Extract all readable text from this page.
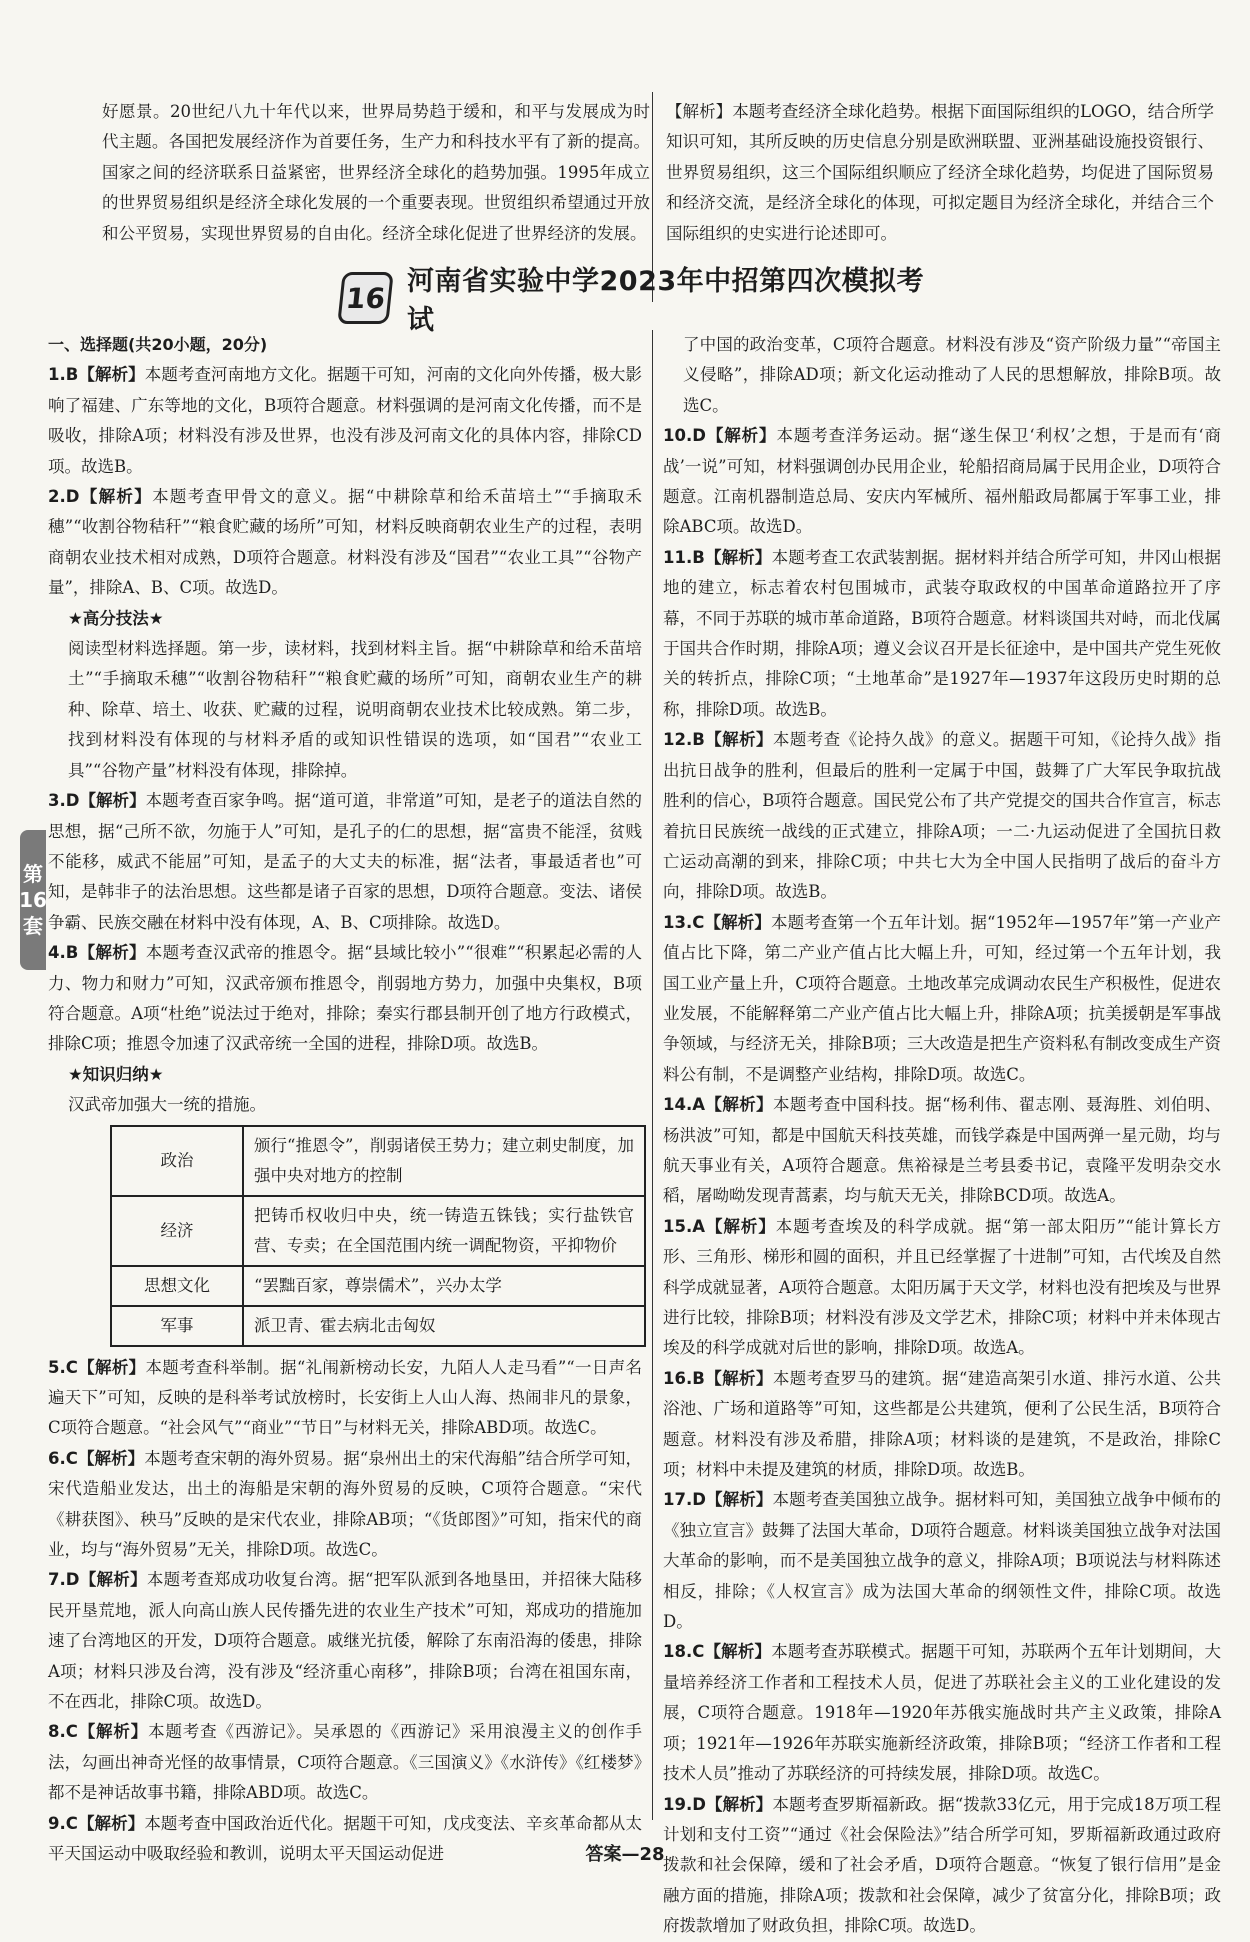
好愿景。20世纪八九十年代以来，世界局势趋于缓和，和平与发展成为时代主题。各国把发展经济作为首要任务，生产力和科技水平有了新的提高。国家之间的经济联系日益紧密，世界经济全球化的趋势加强。1995年成立的世界贸易组织是经济全球化发展的一个重要表现。世贸组织希望通过开放和公平贸易，实现世界贸易的自由化。经济全球化促进了世界经济的发展。
【解析】本题考查经济全球化趋势。根据下面国际组织的LOGO，结合所学知识可知，其所反映的历史信息分别是欧洲联盟、亚洲基础设施投资银行、世界贸易组织，这三个国际组织顺应了经济全球化趋势，均促进了国际贸易和经济交流，是经济全球化的体现，可拟定题目为经济全球化，并结合三个国际组织的史实进行论述即可。
16 河南省实验中学2023年中招第四次模拟考试
第
16
套
一、选择题(共20小题，20分)
1.B【解析】本题考查河南地方文化。据题干可知，河南的文化向外传播，极大影响了福建、广东等地的文化，B项符合题意。材料强调的是河南文化传播，而不是吸收，排除A项；材料没有涉及世界，也没有涉及河南文化的具体内容，排除CD项。故选B。
2.D【解析】本题考查甲骨文的意义。据“中耕除草和给禾苗培土”“手摘取禾穗”“收割谷物秸秆”“粮食贮藏的场所”可知，材料反映商朝农业生产的过程，表明商朝农业技术相对成熟，D项符合题意。材料没有涉及“国君”“农业工具”“谷物产量”，排除A、B、C项。故选D。
★高分技法★
阅读型材料选择题。第一步，读材料，找到材料主旨。据“中耕除草和给禾苗培土”“手摘取禾穗”“收割谷物秸秆”“粮食贮藏的场所”可知，商朝农业生产的耕种、除草、培土、收获、贮藏的过程，说明商朝农业技术比较成熟。第二步，找到材料没有体现的与材料矛盾的或知识性错误的选项，如“国君”“农业工具”“谷物产量”材料没有体现，排除掉。
3.D【解析】本题考查百家争鸣。据“道可道，非常道”可知，是老子的道法自然的思想，据“己所不欲，勿施于人”可知，是孔子的仁的思想，据“富贵不能淫，贫贱不能移，威武不能屈”可知，是孟子的大丈夫的标准，据“法者，事最适者也”可知，是韩非子的法治思想。这些都是诸子百家的思想，D项符合题意。变法、诸侯争霸、民族交融在材料中没有体现，A、B、C项排除。故选D。
4.B【解析】本题考查汉武帝的推恩令。据“县域比较小”“很难”“积累起必需的人力、物力和财力”可知，汉武帝颁布推恩令，削弱地方势力，加强中央集权，B项符合题意。A项“杜绝”说法过于绝对，排除；秦实行郡县制开创了地方行政模式，排除C项；推恩令加速了汉武帝统一全国的进程，排除D项。故选B。
★知识归纳★
汉武帝加强大一统的措施。
政治	颁行“推恩令”，削弱诸侯王势力；建立刺史制度，加强中央对地方的控制
经济	把铸币权收归中央，统一铸造五铢钱；实行盐铁官营、专卖；在全国范围内统一调配物资，平抑物价
思想文化	“罢黜百家，尊崇儒术”，兴办太学
军事	派卫青、霍去病北击匈奴
5.C【解析】本题考查科举制。据“礼闱新榜动长安，九陌人人走马看”“一日声名遍天下”可知，反映的是科举考试放榜时，长安街上人山人海、热闹非凡的景象，C项符合题意。“社会风气”“商业”“节日”与材料无关，排除ABD项。故选C。
6.C【解析】本题考查宋朝的海外贸易。据“泉州出土的宋代海船”结合所学可知，宋代造船业发达，出土的海船是宋朝的海外贸易的反映，C项符合题意。“宋代《耕获图》、秧马”反映的是宋代农业，排除AB项；“《货郎图》”可知，指宋代的商业，均与“海外贸易”无关，排除D项。故选C。
7.D【解析】本题考查郑成功收复台湾。据“把军队派到各地垦田，并招徕大陆移民开垦荒地，派人向高山族人民传播先进的农业生产技术”可知，郑成功的措施加速了台湾地区的开发，D项符合题意。戚继光抗倭，解除了东南沿海的倭患，排除A项；材料只涉及台湾，没有涉及“经济重心南移”，排除B项；台湾在祖国东南，不在西北，排除C项。故选D。
8.C【解析】本题考查《西游记》。吴承恩的《西游记》采用浪漫主义的创作手法，勾画出神奇光怪的故事情景，C项符合题意。《三国演义》《水浒传》《红楼梦》都不是神话故事书籍，排除ABD项。故选C。
9.C【解析】本题考查中国政治近代化。据题干可知，戊戌变法、辛亥革命都从太平天国运动中吸取经验和教训，说明太平天国运动促进
了中国的政治变革，C项符合题意。材料没有涉及“资产阶级力量”“帝国主义侵略”，排除AD项；新文化运动推动了人民的思想解放，排除B项。故选C。
10.D【解析】本题考查洋务运动。据“遂生保卫‘利权’之想，于是而有‘商战’一说”可知，材料强调创办民用企业，轮船招商局属于民用企业，D项符合题意。江南机器制造总局、安庆内军械所、福州船政局都属于军事工业，排除ABC项。故选D。
11.B【解析】本题考查工农武装割据。据材料并结合所学可知，井冈山根据地的建立，标志着农村包围城市，武装夺取政权的中国革命道路拉开了序幕，不同于苏联的城市革命道路，B项符合题意。材料谈国共对峙，而北伐属于国共合作时期，排除A项；遵义会议召开是长征途中，是中国共产党生死攸关的转折点，排除C项；“土地革命”是1927年—1937年这段历史时期的总称，排除D项。故选B。
12.B【解析】本题考查《论持久战》的意义。据题干可知，《论持久战》指出抗日战争的胜利，但最后的胜利一定属于中国，鼓舞了广大军民争取抗战胜利的信心，B项符合题意。国民党公布了共产党提交的国共合作宣言，标志着抗日民族统一战线的正式建立，排除A项；一二·九运动促进了全国抗日救亡运动高潮的到来，排除C项；中共七大为全中国人民指明了战后的奋斗方向，排除D项。故选B。
13.C【解析】本题考查第一个五年计划。据“1952年—1957年”第一产业产值占比下降，第二产业产值占比大幅上升，可知，经过第一个五年计划，我国工业产量上升，C项符合题意。土地改革完成调动农民生产积极性，促进农业发展，不能解释第二产业产值占比大幅上升，排除A项；抗美援朝是军事战争领域，与经济无关，排除B项；三大改造是把生产资料私有制改变成生产资料公有制，不是调整产业结构，排除D项。故选C。
14.A【解析】本题考查中国科技。据“杨利伟、翟志刚、聂海胜、刘伯明、杨洪波”可知，都是中国航天科技英雄，而钱学森是中国两弹一星元勋，均与航天事业有关，A项符合题意。焦裕禄是兰考县委书记，袁隆平发明杂交水稻，屠呦呦发现青蒿素，均与航天无关，排除BCD项。故选A。
15.A【解析】本题考查埃及的科学成就。据“第一部太阳历”“能计算长方形、三角形、梯形和圆的面积，并且已经掌握了十进制”可知，古代埃及自然科学成就显著，A项符合题意。太阳历属于天文学，材料也没有把埃及与世界进行比较，排除B项；材料没有涉及文学艺术，排除C项；材料中并未体现古埃及的科学成就对后世的影响，排除D项。故选A。
16.B【解析】本题考查罗马的建筑。据“建造高架引水道、排污水道、公共浴池、广场和道路等”可知，这些都是公共建筑，便利了公民生活，B项符合题意。材料没有涉及希腊，排除A项；材料谈的是建筑，不是政治，排除C项；材料中未提及建筑的材质，排除D项。故选B。
17.D【解析】本题考查美国独立战争。据材料可知，美国独立战争中倾布的《独立宣言》鼓舞了法国大革命，D项符合题意。材料谈美国独立战争对法国大革命的影响，而不是美国独立战争的意义，排除A项；B项说法与材料陈述相反，排除；《人权宣言》成为法国大革命的纲领性文件，排除C项。故选D。
18.C【解析】本题考查苏联模式。据题干可知，苏联两个五年计划期间，大量培养经济工作者和工程技术人员，促进了苏联社会主义的工业化建设的发展，C项符合题意。1918年—1920年苏俄实施战时共产主义政策，排除A项；1921年—1926年苏联实施新经济政策，排除B项；“经济工作者和工程技术人员”推动了苏联经济的可持续发展，排除D项。故选C。
19.D【解析】本题考查罗斯福新政。据“拨款33亿元，用于完成18万项工程计划和支付工资”“通过《社会保险法》”结合所学可知，罗斯福新政通过政府拨款和社会保障，缓和了社会矛盾，D项符合题意。“恢复了银行信用”是金融方面的措施，排除A项；拨款和社会保障，减少了贫富分化，排除B项；政府拨款增加了财政负担，排除C项。故选D。
答案—28
